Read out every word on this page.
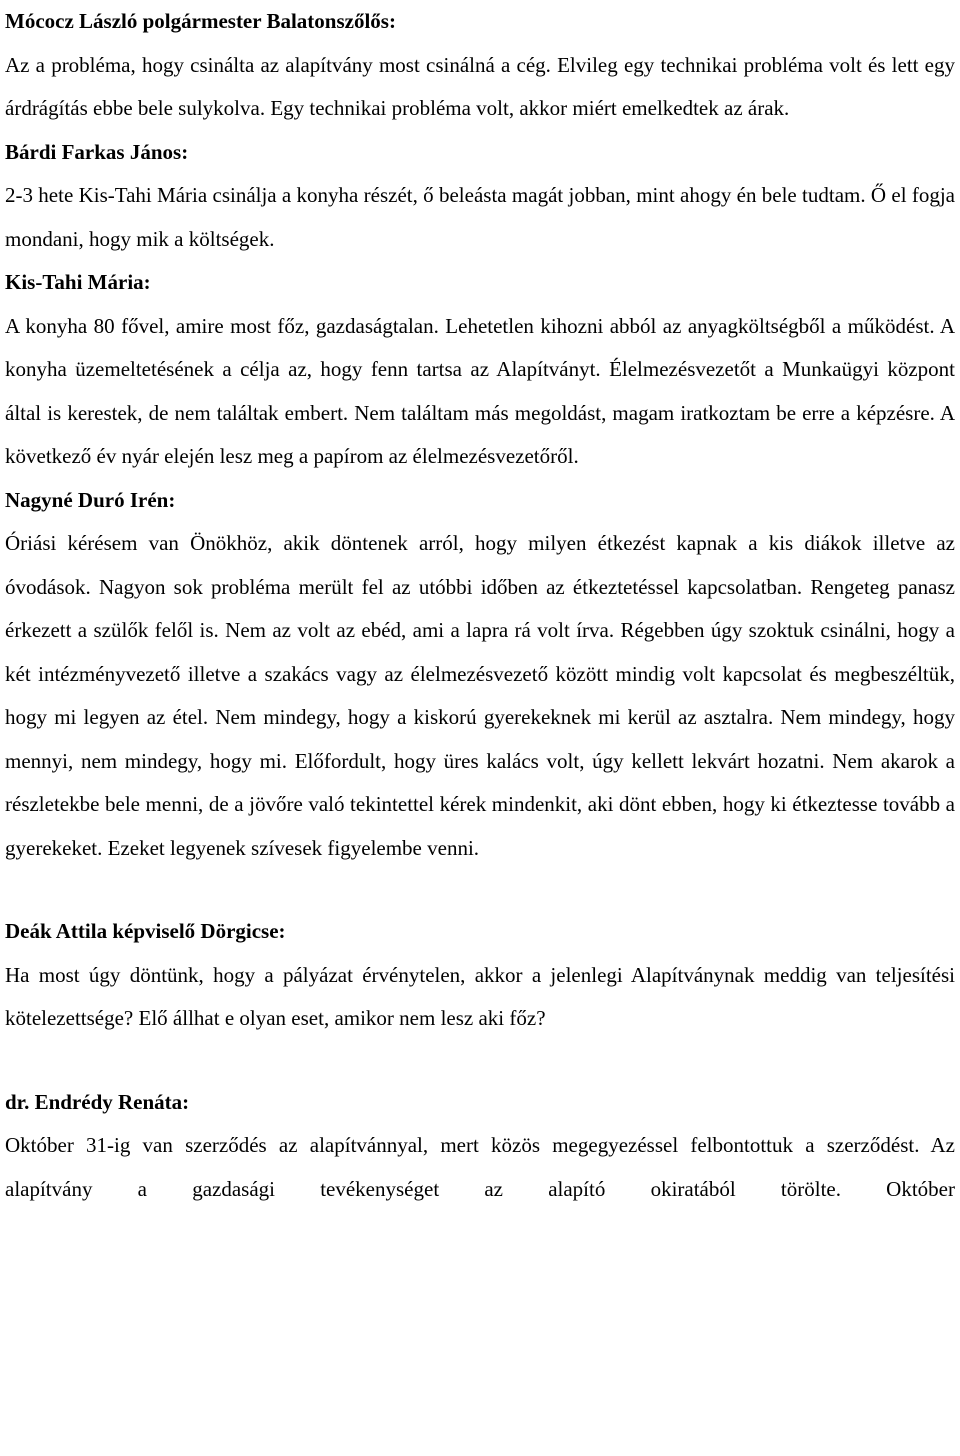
Mócocz László polgármester Balatonszőlős:

Az a probléma, hogy csinálta az alapítvány most csinálná a cég. Elvileg egy technikai probléma volt és lett egy árdrágítás ebbe bele sulykolva. Egy technikai probléma volt, akkor miért emelkedtek az árak.

Bárdi Farkas János:

2-3 hete Kis-Tahi Mária csinálja a konyha részét, ő beleásta magát jobban, mint ahogy én bele tudtam. Ő el fogja mondani, hogy mik a költségek.

Kis-Tahi Mária:

A konyha 80 fővel, amire most főz, gazdaságtalan. Lehetetlen kihozni abból az anyagköltségből a működést. A konyha üzemeltetésének a célja az, hogy fenn tartsa az Alapítványt. Élelmezésvezetőt a Munkaügyi központ által is kerestek, de nem találtak embert. Nem találtam más megoldást, magam iratkoztam be erre a képzésre. A következő év nyár elején lesz meg a papírom az élelmezésvezetőről.

Nagyné Duró Irén:

Óriási kérésem van Önökhöz, akik döntenek arról, hogy milyen étkezést kapnak a kis diákok illetve az óvodások. Nagyon sok probléma merült fel az utóbbi időben az étkeztetéssel kapcsolatban. Rengeteg panasz érkezett a szülők felől is. Nem az volt az ebéd, ami a lapra rá volt írva. Régebben úgy szoktuk csinálni, hogy a két intézményvezető illetve a szakács vagy az élelmezésvezető között mindig volt kapcsolat és megbeszéltük, hogy mi legyen az étel. Nem mindegy, hogy a kiskorú gyerekeknek mi kerül az asztalra. Nem mindegy, hogy mennyi, nem mindegy, hogy mi. Előfordult, hogy üres kalács volt, úgy kellett lekvárt hozatni. Nem akarok a részletekbe bele menni, de a jövőre való tekintettel kérek mindenkit, aki dönt ebben, hogy ki étkeztesse tovább a gyerekeket. Ezeket legyenek szívesek figyelembe venni.

Deák Attila képviselő Dörgicse:

Ha most úgy döntünk, hogy a pályázat érvénytelen, akkor a jelenlegi Alapítványnak meddig van teljesítési kötelezettsége? Elő állhat e olyan eset, amikor nem lesz aki főz?

dr. Endrédy Renáta:

Október 31-ig van szerződés az alapítvánnyal, mert közös megegyezéssel felbontottuk a szerződést. Az alapítvány a gazdasági tevékenységet az alapító okiratából törölte. Október
